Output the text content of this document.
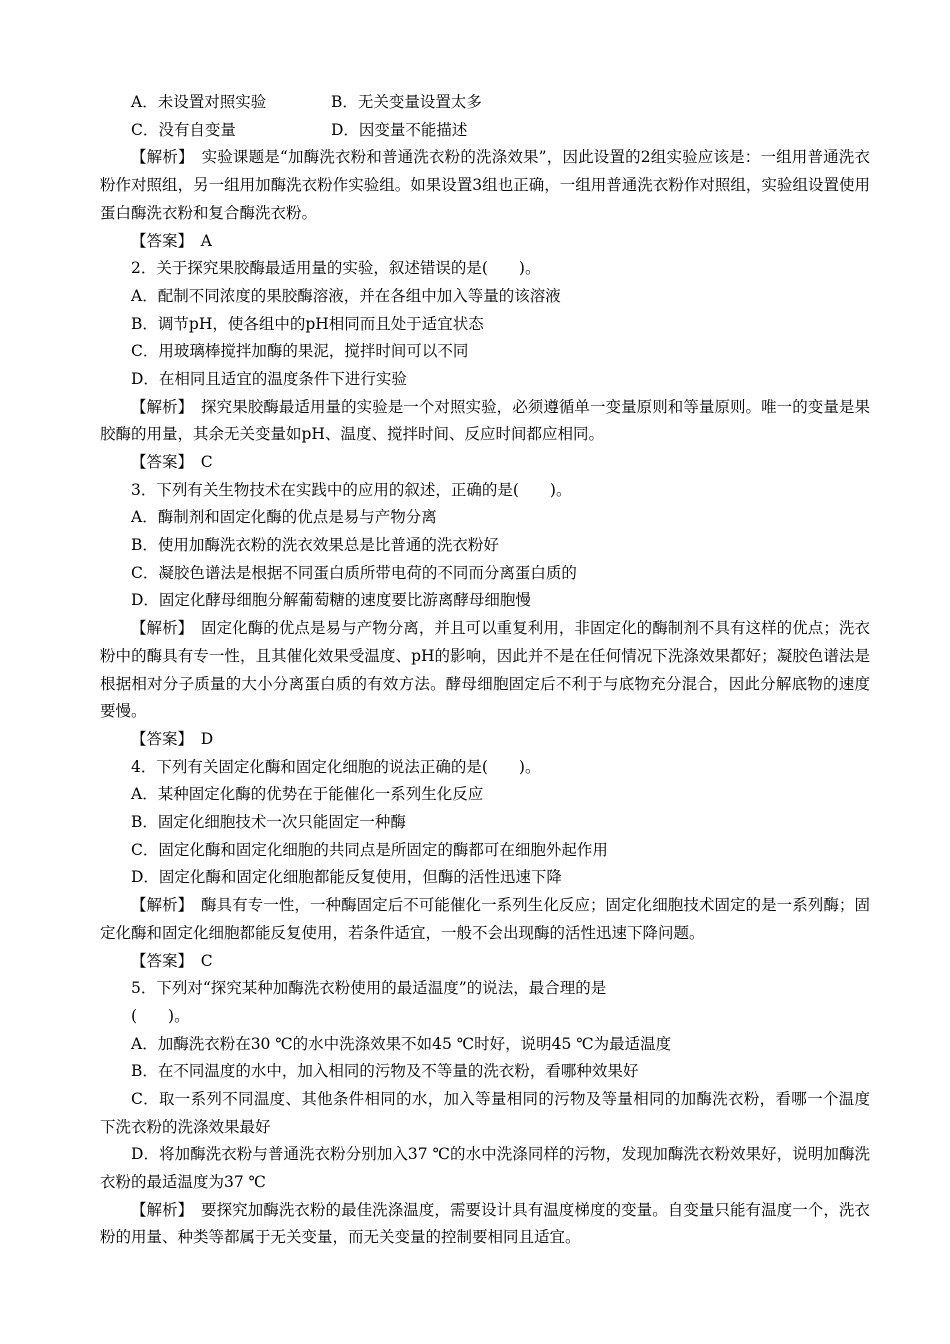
A．未设置对照实验	B．无关变量设置太多
C．没有自变量	D．因变量不能描述
【解析】　 实验课题是“加酶洗衣粉和普通洗衣粉的洗涤效果”，因此设置的2组实验应该是：一组用普通洗衣粉作对照组，另一组用加酶洗衣粉作实验组。如果设置3组也正确，一组用普通洗衣粉作对照组，实验组设置使用蛋白酶洗衣粉和复合酶洗衣粉。
【答案】　 A
2．关于探究果胶酶最适用量的实验，叙述错误的是(　　)。
A．配制不同浓度的果胶酶溶液，并在各组中加入等量的该溶液
B．调节pH，使各组中的pH相同而且处于适宜状态
C．用玻璃棒搅拌加酶的果泥，搅拌时间可以不同
D．在相同且适宜的温度条件下进行实验
【解析】　 探究果胶酶最适用量的实验是一个对照实验，必须遵循单一变量原则和等量原则。唯一的变量是果胶酶的用量，其余无关变量如pH、温度、搅拌时间、反应时间都应相同。
【答案】　 C
3．下列有关生物技术在实践中的应用的叙述，正确的是(　　)。
A．酶制剂和固定化酶的优点是易与产物分离
B．使用加酶洗衣粉的洗衣效果总是比普通的洗衣粉好
C．凝胶色谱法是根据不同蛋白质所带电荷的不同而分离蛋白质的
D．固定化酵母细胞分解葡萄糖的速度要比游离酵母细胞慢
【解析】　 固定化酶的优点是易与产物分离，并且可以重复利用，非固定化的酶制剂不具有这样的优点；洗衣粉中的酶具有专一性，且其催化效果受温度、pH的影响，因此并不是在任何情况下洗涤效果都好；凝胶色谱法是根据相对分子质量的大小分离蛋白质的有效方法。酵母细胞固定后不利于与底物充分混合，因此分解底物的速度要慢。
【答案】　 D
4．下列有关固定化酶和固定化细胞的说法正确的是(　　)。
A．某种固定化酶的优势在于能催化一系列生化反应
B．固定化细胞技术一次只能固定一种酶
C．固定化酶和固定化细胞的共同点是所固定的酶都可在细胞外起作用
D．固定化酶和固定化细胞都能反复使用，但酶的活性迅速下降
【解析】　 酶具有专一性，一种酶固定后不可能催化一系列生化反应；固定化细胞技术固定的是一系列酶；固定化酶和固定化细胞都能反复使用，若条件适宜，一般不会出现酶的活性迅速下降问题。
【答案】　 C
5．下列对“探究某种加酶洗衣粉使用的最适温度”的说法，最合理的是
(　　)。
A．加酶洗衣粉在30 ℃的水中洗涤效果不如45 ℃时好，说明45 ℃为最适温度
B．在不同温度的水中，加入相同的污物及不等量的洗衣粉，看哪种效果好
C．取一系列不同温度、其他条件相同的水，加入等量相同的污物及等量相同的加酶洗衣粉，看哪一个温度下洗衣粉的洗涤效果最好
D．将加酶洗衣粉与普通洗衣粉分别加入37 ℃的水中洗涤同样的污物，发现加酶洗衣粉效果好，说明加酶洗衣粉的最适温度为37 ℃
【解析】　 要探究加酶洗衣粉的最佳洗涤温度，需要设计具有温度梯度的变量。自变量只能有温度一个，洗衣粉的用量、种类等都属于无关变量，而无关变量的控制要相同且适宜。
